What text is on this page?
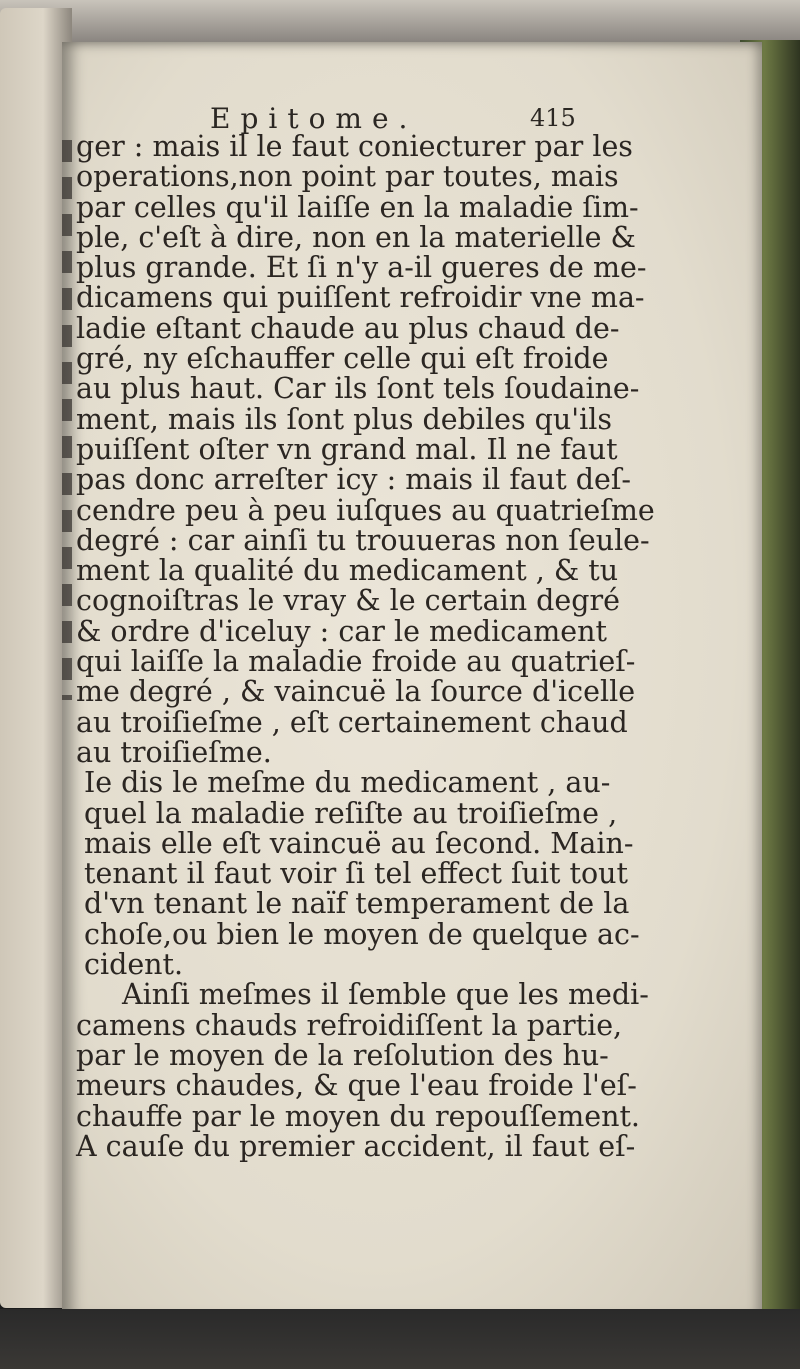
Epitome.	415
ger : mais il le faut coniecturer par les
operations,non point par toutes, mais
par celles qu'il laiſſe en la maladie ſim-
ple, c'eſt à dire, non en la materielle &
plus grande. Et ſi n'y a-il gueres de me-
dicamens qui puiſſent refroidir vne ma-
ladie eſtant chaude au plus chaud de-
gré, ny eſchauffer celle qui eſt froide
au plus haut. Car ils ſont tels ſoudaine-
ment, mais ils ſont plus debiles qu'ils
puiſſent oſter vn grand mal. Il ne faut
pas donc arreſter icy : mais il faut deſ-
cendre peu à peu iuſques au quatrieſme
degré : car ainſi tu trouueras non ſeule-
ment la qualité du medicament , & tu
cognoiſtras le vray & le certain degré
& ordre d'iceluy : car le medicament
qui laiſſe la maladie froide au quatrieſ-
me degré , & vaincuë la ſource d'icelle
au troiſieſme , eſt certainement chaud
au troiſieſme.
Ie dis le meſme du medicament , au-
quel la maladie reſiſte au troiſieſme ,
mais elle eſt vaincuë au ſecond. Main-
tenant il faut voir ſi tel effect ſuit tout
d'vn tenant le naïf temperament de la
choſe,ou bien le moyen de quelque ac-
cident.
Ainſi meſmes il ſemble que les medi-
camens chauds refroidiſſent la partie,
par le moyen de la reſolution des hu-
meurs chaudes, & que l'eau froide l'eſ-
chauffe par le moyen du repouſſement.
A cauſe du premier accident, il faut eſ-
